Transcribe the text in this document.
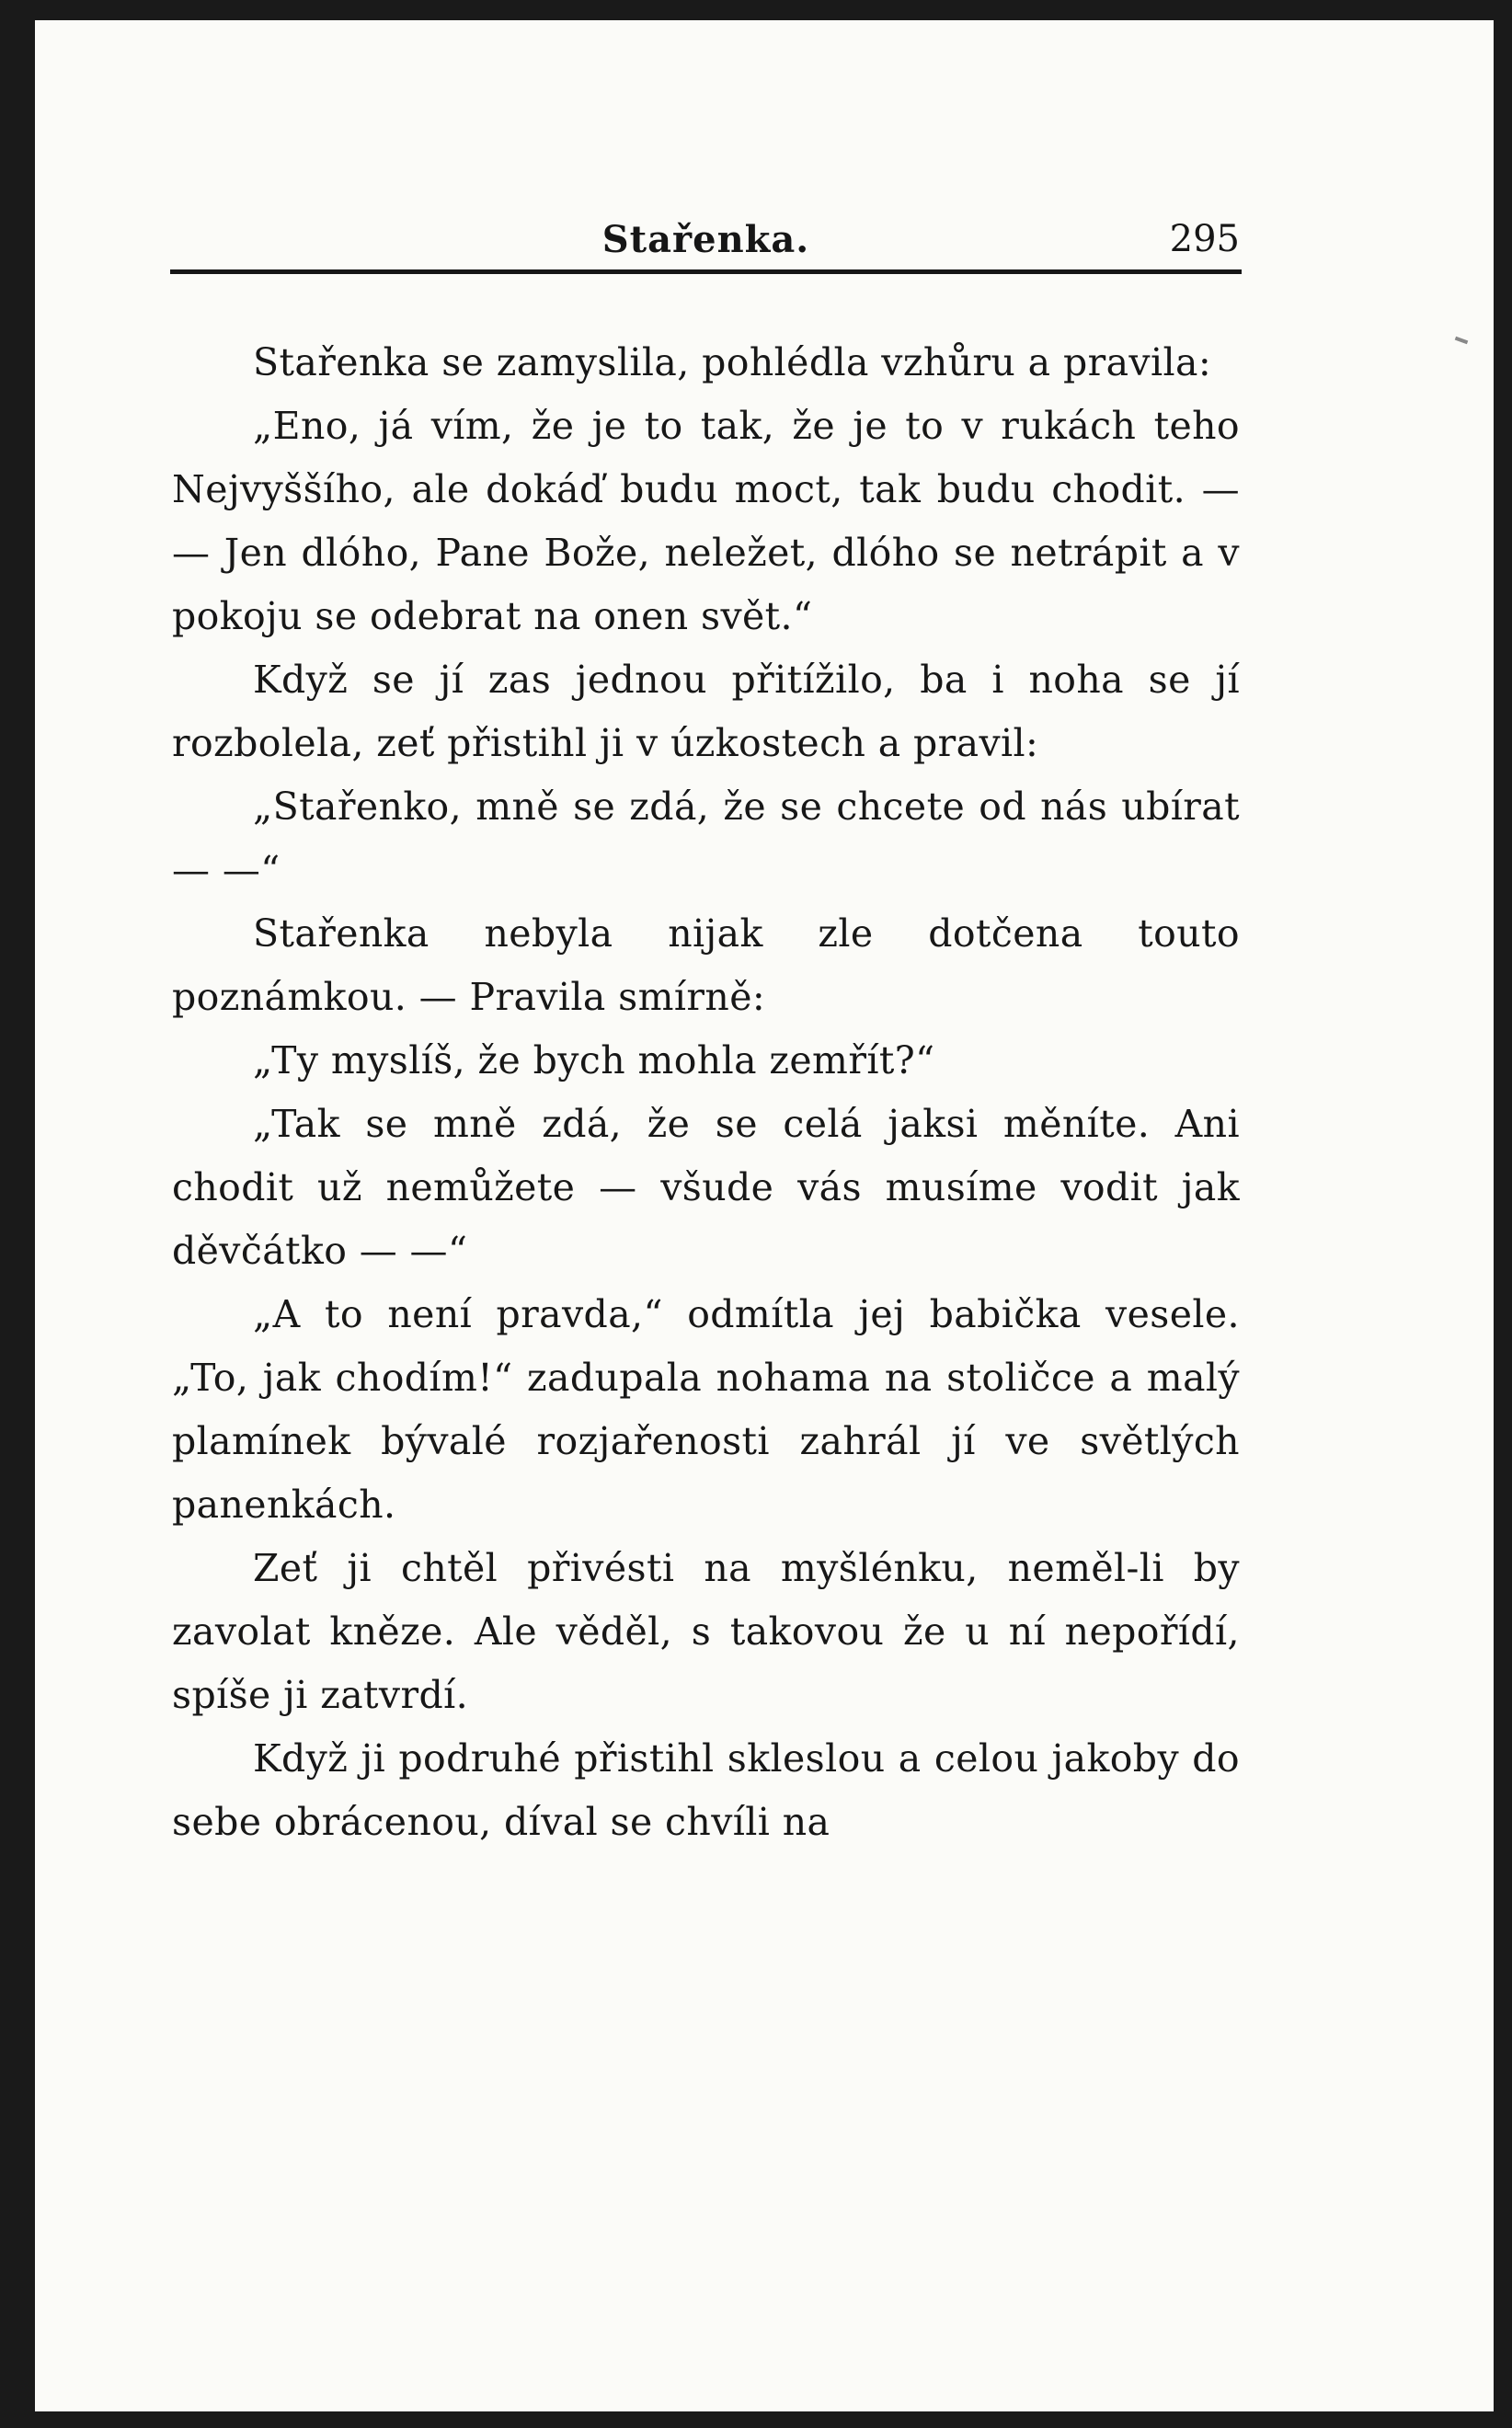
Stařenka.	295

Stařenka se zamyslila, pohlédla vzhůru a pravila:

„Eno, já vím, že je to tak, že je to v rukách teho Nejvyššího, ale dokáď budu moct, tak budu chodit. — — Jen dlóho, Pane Bože, neležet, dlóho se netrápit a v pokoju se odebrat na onen svět.“

Když se jí zas jednou přitížilo, ba i noha se jí rozbolela, zeť přistihl ji v úzkostech a pravil:

„Stařenko, mně se zdá, že se chcete od nás ubírat — —“

Stařenka nebyla nijak zle dotčena touto poznámkou. — Pravila smírně:

„Ty myslíš, že bych mohla zemřít?“

„Tak se mně zdá, že se celá jaksi měníte. Ani chodit už nemůžete — všude vás musíme vodit jak děvčátko — —“

„A to není pravda,“ odmítla jej babička vesele. „To, jak chodím!“ zadupala nohama na stoličce a malý plamínek bývalé rozjařenosti zahrál jí ve světlých panenkách.

Zeť ji chtěl přivésti na myšlénku, neměl-li by zavolat kněze. Ale věděl, s takovou že u ní nepořídí, spíše ji zatvrdí.

Když ji podruhé přistihl skleslou a celou jakoby do sebe obrácenou, díval se chvíli na
